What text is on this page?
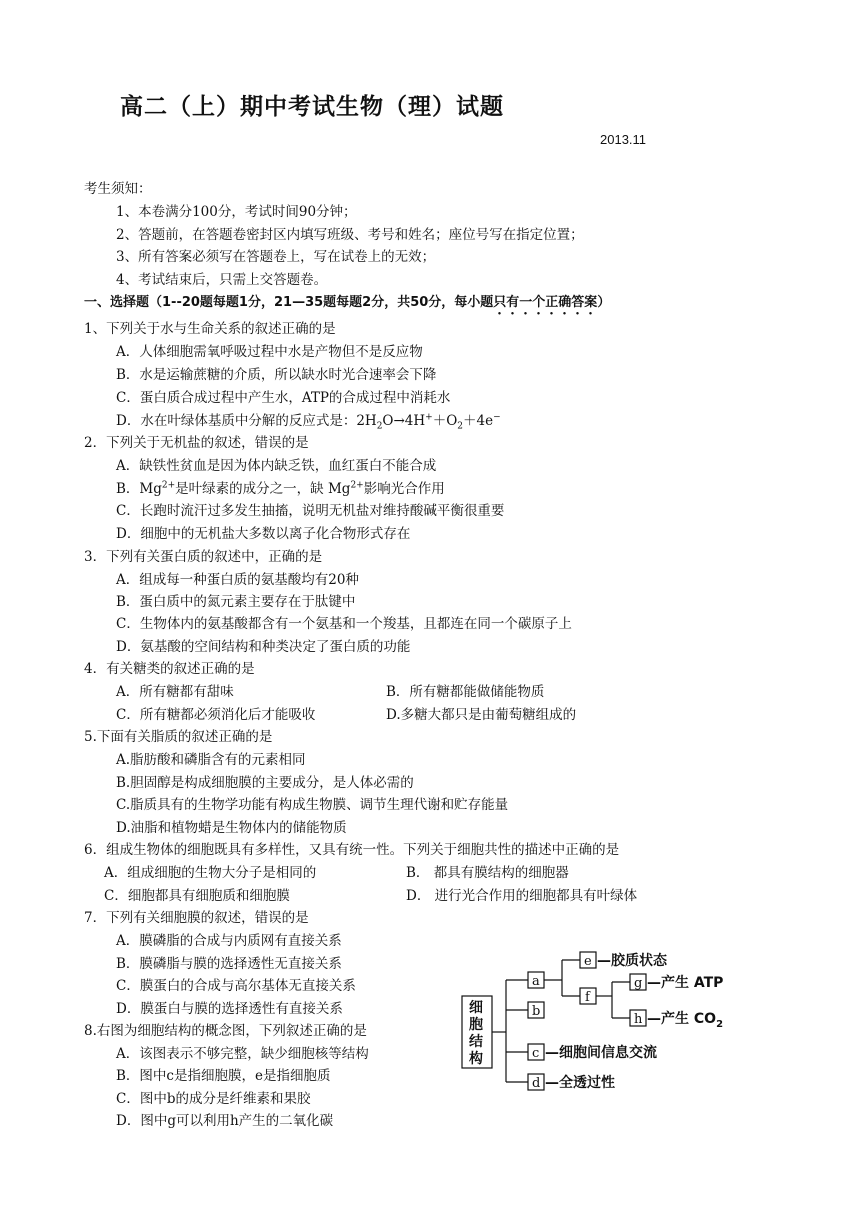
高二（上）期中考试生物（理）试题
2013.11
考生须知：
1、本卷满分100分，考试时间90分钟；
2、答题前，在答题卷密封区内填写班级、考号和姓名；座位号写在指定位置；
3、所有答案必须写在答题卷上，写在试卷上的无效；
4、考试结束后，只需上交答题卷。
一、选择题（1--20题每题1分，21—35题每题2分，共50分，每小题只有一个正确答案）
1、下列关于水与生命关系的叙述正确的是
A．人体细胞需氧呼吸过程中水是产物但不是反应物
B．水是运输蔗糖的介质，所以缺水时光合速率会下降
C．蛋白质合成过程中产生水，ATP的合成过程中消耗水
D．水在叶绿体基质中分解的反应式是：$2H_2O\to 4H^++O_2+4e^-$
2．下列关于无机盐的叙述，错误的是
A．缺铁性贫血是因为体内缺乏铁，血红蛋白不能合成
B．$Mg^{2+}$是叶绿素的成分之一，缺 $Mg^{2+}$影响光合作用
C．长跑时流汗过多发生抽搐，说明无机盐对维持酸碱平衡很重要
D．细胞中的无机盐大多数以离子化合物形式存在
3．下列有关蛋白质的叙述中，正确的是
A．组成每一种蛋白质的氨基酸均有20种
B．蛋白质中的氮元素主要存在于肽键中
C．生物体内的氨基酸都含有一个氨基和一个羧基，且都连在同一个碳原子上
D．氨基酸的空间结构和种类决定了蛋白质的功能
4．有关糖类的叙述正确的是
A．所有糖都有甜味	B．所有糖都能做储能物质
C．所有糖都必须消化后才能吸收	D.多糖大都只是由葡萄糖组成的
5.下面有关脂质的叙述正确的是
A.脂肪酸和磷脂含有的元素相同
B.胆固醇是构成细胞膜的主要成分，是人体必需的
C.脂质具有的生物学功能有构成生物膜、调节生理代谢和贮存能量
D.油脂和植物蜡是生物体内的储能物质
6．组成生物体的细胞既具有多样性，又具有统一性。下列关于细胞共性的描述中正确的是
A．组成细胞的生物大分子是相同的	B． 都具有膜结构的细胞器
C．细胞都具有细胞质和细胞膜	D． 进行光合作用的细胞都具有叶绿体
7．下列有关细胞膜的叙述，错误的是
A．膜磷脂的合成与内质网有直接关系
B．膜磷脂与膜的选择透性无直接关系
C．膜蛋白的合成与高尔基体无直接关系
D．膜蛋白与膜的选择透性有直接关系
8.右图为细胞结构的概念图，下列叙述正确的是
A．该图表示不够完整，缺少细胞核等结构
B．图中c是指细胞膜，e是指细胞质
C．图中b的成分是纤维素和果胶
D．图中g可以利用h产生的二氧化碳
细
胞
结
构
a
b
c
d
e
f
g
h
—胶质状态
—产生 ATP
—产生 $CO_2$
—细胞间信息交流
—全透过性
